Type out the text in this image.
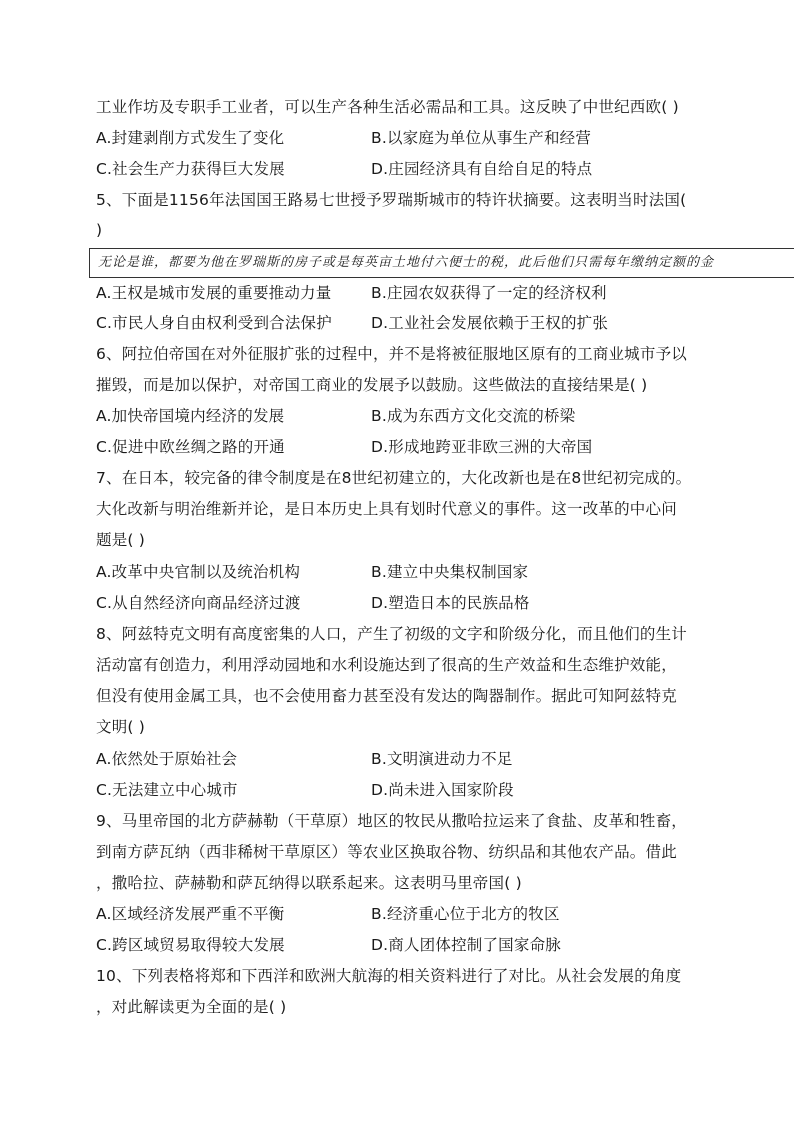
工业作坊及专职手工业者，可以生产各种生活必需品和工具。这反映了中世纪西欧( )
A.封建剥削方式发生了变化	B.以家庭为单位从事生产和经营
C.社会生产力获得巨大发展	D.庄园经济具有自给自足的特点
5、下面是1156年法国国王路易七世授予罗瑞斯城市的特许状摘要。这表明当时法国(
)
无论是谁，都要为他在罗瑞斯的房子或是每英亩土地付六便士的税，此后他们只需每年缴纳定额的金
A.王权是城市发展的重要推动力量	B.庄园农奴获得了一定的经济权利
C.市民人身自由权利受到合法保护	D.工业社会发展依赖于王权的扩张
6、阿拉伯帝国在对外征服扩张的过程中，并不是将被征服地区原有的工商业城市予以
摧毁，而是加以保护，对帝国工商业的发展予以鼓励。这些做法的直接结果是( )
A.加快帝国境内经济的发展	B.成为东西方文化交流的桥梁
C.促进中欧丝绸之路的开通	D.形成地跨亚非欧三洲的大帝国
7、在日本，较完备的律令制度是在8世纪初建立的，大化改新也是在8世纪初完成的。
大化改新与明治维新并论，是日本历史上具有划时代意义的事件。这一改革的中心问
题是( )
A.改革中央官制以及统治机构	B.建立中央集权制国家
C.从自然经济向商品经济过渡	D.塑造日本的民族品格
8、阿兹特克文明有高度密集的人口，产生了初级的文字和阶级分化，而且他们的生计
活动富有创造力，利用浮动园地和水利设施达到了很高的生产效益和生态维护效能，
但没有使用金属工具，也不会使用畜力甚至没有发达的陶器制作。据此可知阿兹特克
文明( )
A.依然处于原始社会	B.文明演进动力不足
C.无法建立中心城市	D.尚未进入国家阶段
9、马里帝国的北方萨赫勒（干草原）地区的牧民从撒哈拉运来了食盐、皮革和牲畜，
到南方萨瓦纳（西非稀树干草原区）等农业区换取谷物、纺织品和其他农产品。借此
，撒哈拉、萨赫勒和萨瓦纳得以联系起来。这表明马里帝国( )
A.区域经济发展严重不平衡	B.经济重心位于北方的牧区
C.跨区域贸易取得较大发展	D.商人团体控制了国家命脉
10、下列表格将郑和下西洋和欧洲大航海的相关资料进行了对比。从社会发展的角度
，对此解读更为全面的是( )
